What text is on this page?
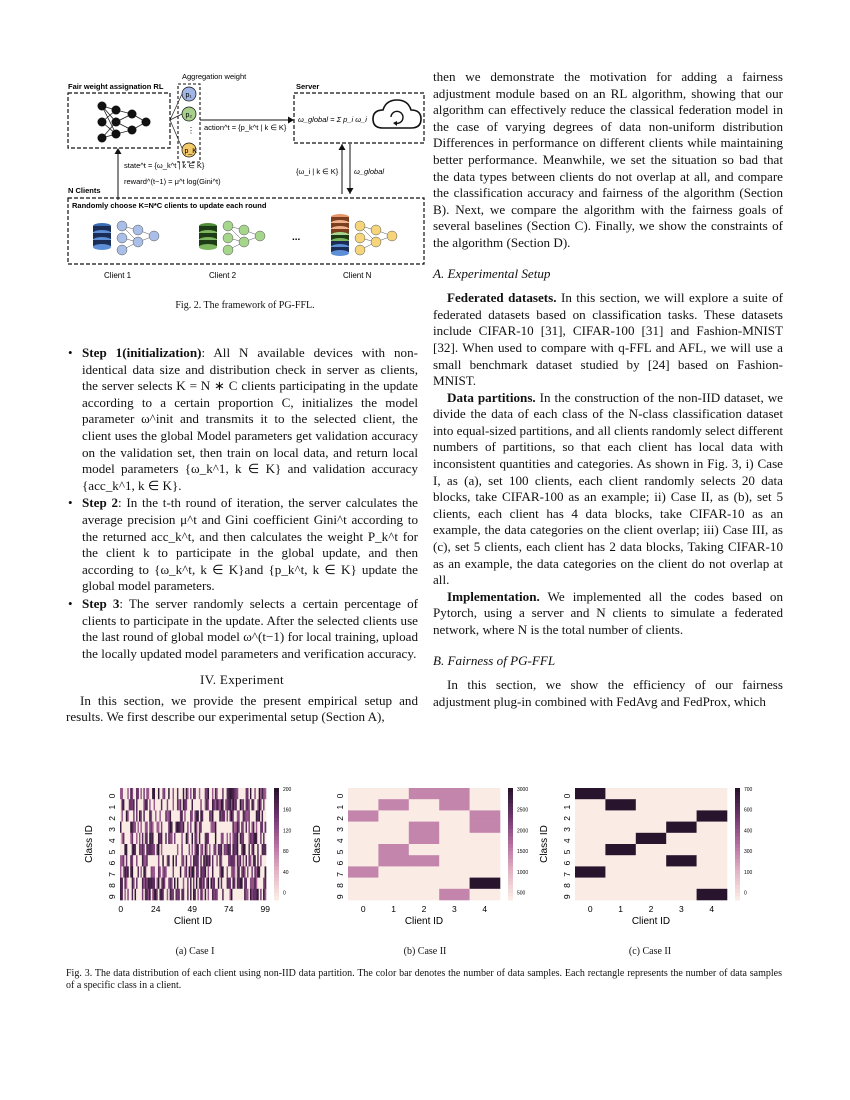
Fair weight assignation RL
Aggregation weight
p₁
p₂
⋮
p_K
action^t = {p_k^t | k ∈ K}
Server
ω_global = Σ p_i ω_i
state^t = {ω_k^t | k ∈ K}
reward^(t−1) = μ^t log(Gini^t)
{ω_i | k ∈ K} ω_global
N Clients
Randomly choose K=N*C clients to update each round
...
Client 1	Client 2	Client N
Fig. 2. The framework of PG-FFL.
• Step 1(initialization): All N available devices with non-identical data size and distribution check in server as clients, the server selects K = N ∗ C clients participating in the update according to a certain proportion C, initializes the model parameter ω^init and transmits it to the selected client, the client uses the global Model parameters get validation accuracy on the validation set, then train on local data, and return local model parameters {ω_k^1, k ∈ K} and validation accuracy {acc_k^1, k ∈ K}.
• Step 2: In the t-th round of iteration, the server calculates the average precision μ^t and Gini coefficient Gini^t according to the returned acc_k^t, and then calculates the weight P_k^t for the client k to participate in the global update, and then according to {ω_k^t, k ∈ K}and {p_k^t, k ∈ K} update the global model parameters.
• Step 3: The server randomly selects a certain percentage of clients to participate in the update. After the selected clients use the last round of global model ω^(t−1) for local training, upload the locally updated model parameters and verification accuracy.
IV. Experiment

In this section, we provide the present empirical setup and results. We first describe our experimental setup (Section A),

then we demonstrate the motivation for adding a fairness adjustment module based on an RL algorithm, showing that our algorithm can effectively reduce the classical federation model in the case of varying degrees of data non-uniform distribution Differences in performance on different clients while maintaining better performance. Meanwhile, we set the situation so bad that the data types between clients do not overlap at all, and compare the classification accuracy and fairness of the algorithm (Section B). Next, we compare the algorithm with the fairness goals of several baselines (Section C). Finally, we show the constraints of the algorithm (Section D).

A. Experimental Setup

Federated datasets. In this section, we will explore a suite of federated datasets based on classification tasks. These datasets include CIFAR-10 [31], CIFAR-100 [31] and Fashion-MNIST [32]. When used to compare with q-FFL and AFL, we will use a small benchmark dataset studied by [24] based on Fashion-MNIST.

Data partitions. In the construction of the non-IID dataset, we divide the data of each class of the N-class classification dataset into equal-sized partitions, and all clients randomly select different numbers of partitions, so that each client has local data with inconsistent quantities and categories. As shown in Fig. 3, i) Case I, as (a), set 100 clients, each client randomly selects 20 data blocks, take CIFAR-100 as an example; ii) Case II, as (b), set 5 clients, each client has 4 data blocks, take CIFAR-10 as an example, the data categories on the client overlap; iii) Case III, as (c), set 5 clients, each client has 2 data blocks, Taking CIFAR-10 as an example, the data categories on the client do not overlap at all.

Implementation. We implemented all the codes based on Pytorch, using a server and N clients to simulate a federated network, where N is the total number of clients.

B. Fairness of PG-FFL

In this section, we show the efficiency of our fairness adjustment plug-in combined with FedAvg and FedProx, which

0
1
2
3
4
5
6
7
8
9
0	24	49	74	99
Client ID
Class ID
200
160
120
80
40
0
0
1
2
3
4
5
6
7
8
9
0	1	2	3	4
Client ID
Class ID
3000
2500
2000
1500
1000
500
0
1
2
3
4
5
6
7
8
9
0	1	2	3	4
Client ID
Class ID
700
600
400
300
100
0
(a) Case I	(b) Case II	(c) Case II
Fig. 3. The data distribution of each client using non-IID data partition. The color bar denotes the number of data samples. Each rectangle represents the number of data samples of a specific class in a client.
